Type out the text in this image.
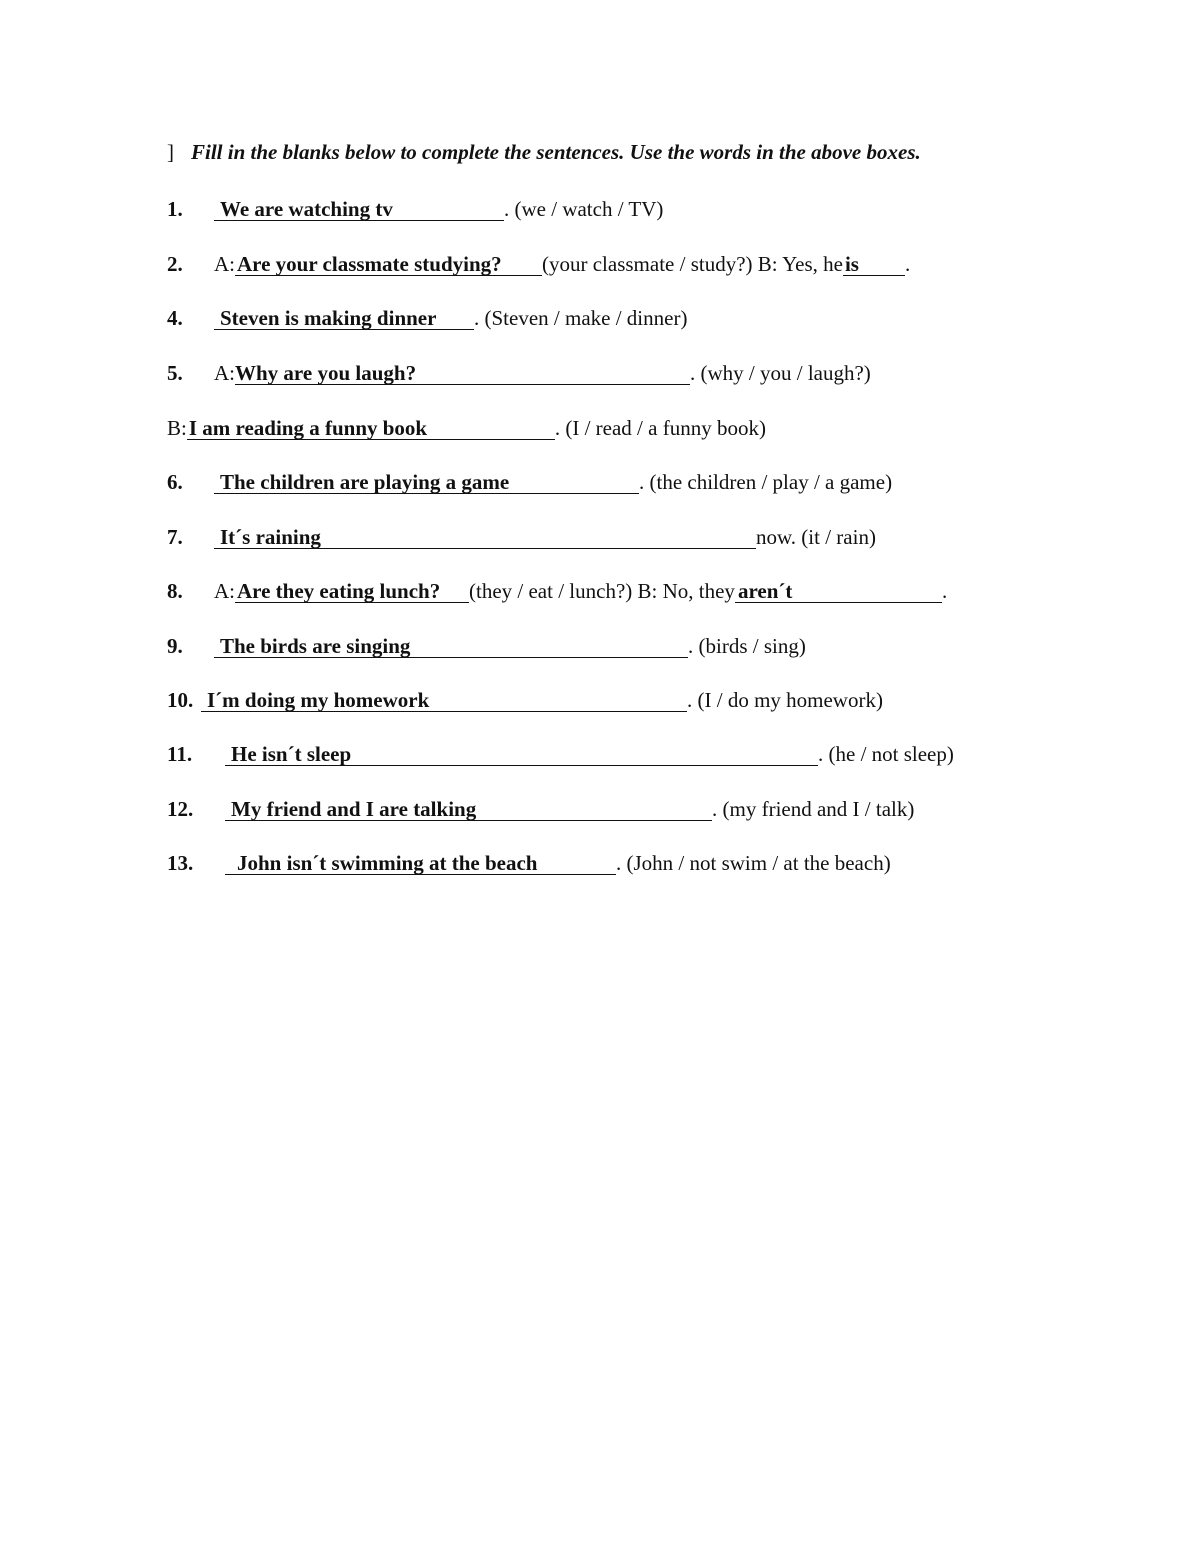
] Fill in the blanks below to complete the sentences. Use the words in the above boxes.
1. We are watching tv	. (we / watch / TV)
2. A:Are your classmate studying?(your classmate / study?) B: Yes, heis .
4. Steven is making dinner . (Steven / make / dinner)
5. A:Why are you laugh?	. (why / you / laugh?)
B:I am reading a funny book	. (I / read / a funny book)
6. The children are playing a game	. (the children / play / a game)
7. It´s raining	now. (it / rain)
8. A:Are they eating lunch?(they / eat / lunch?) B: No, they aren´t	.
9. The birds are singing	. (birds / sing)
10. I´m doing my homework	. (I / do my homework)
11. He isn´t sleep	. (he / not sleep)
12. My friend and I are talking	. (my friend and I / talk)
13. John isn´t swimming at the beach	. (John / not swim / at the beach)
